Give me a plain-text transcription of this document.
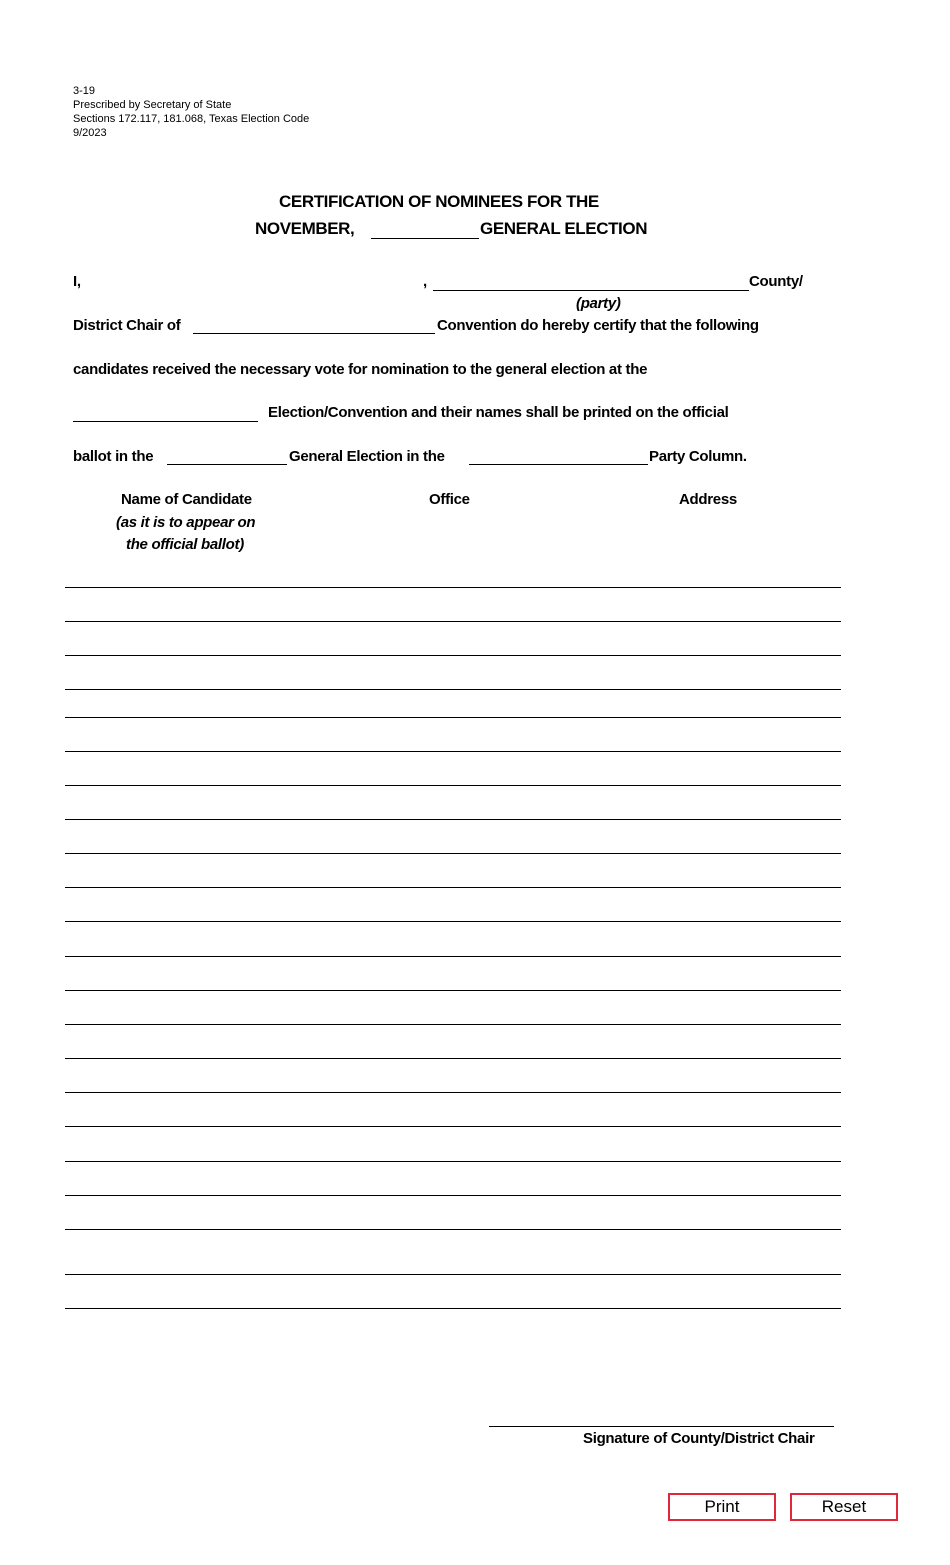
3-19
Prescribed by Secretary of State
Sections 172.117, 181.068, Texas Election Code
9/2023
CERTIFICATION OF NOMINEES FOR THE
NOVEMBER,	GENERAL ELECTION
I,	,	County/
(party)
District Chair of	Convention do hereby certify that the following
candidates received the necessary vote for nomination to the general election at the
Election/Convention and their names shall be printed on the official
ballot in the	General Election in the	Party Column.
Name of Candidate
(as it is to appear on
the official ballot)
Office	Address
Signature of County/District Chair
Print	Reset
